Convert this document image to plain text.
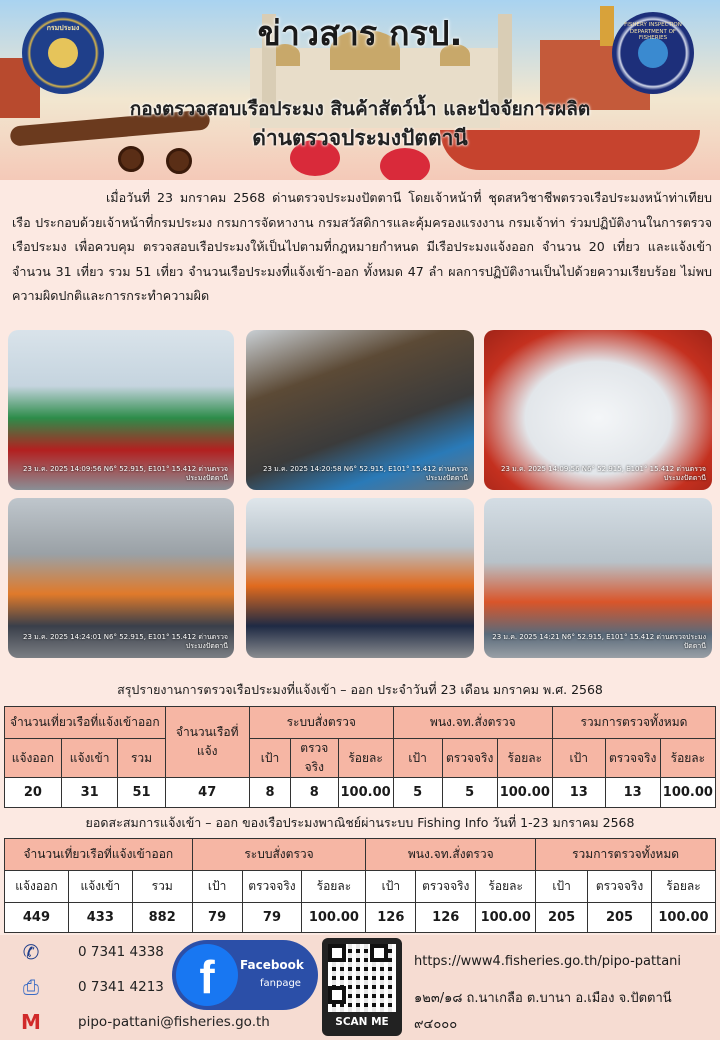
กรมประมง	FISHERY INSPECTION DEPARTMENT OF FISHERIES
ข่าวสาร กรป.
กองตรวจสอบเรือประมง สินค้าสัตว์น้ำ และปัจจัยการผลิต
ด่านตรวจประมงปัตตานี
เมื่อวันที่ 23 มกราคม 2568 ด่านตรวจประมงปัตตานี โดยเจ้าหน้าที่ ชุดสหวิชาชีพตรวจเรือประมงหน้าท่าเทียบเรือ ประกอบด้วยเจ้าหน้าที่กรมประมง กรมการจัดหางาน กรมสวัสดิการและคุ้มครองแรงงาน กรมเจ้าท่า ร่วมปฏิบัติงานในการตรวจเรือประมง เพื่อควบคุม ตรวจสอบเรือประมงให้เป็นไปตามที่กฎหมายกำหนด มีเรือประมงแจ้งออก จำนวน 20 เที่ยว และแจ้งเข้าจำนวน 31 เที่ยว รวม 51 เที่ยว จำนวนเรือประมงที่แจ้งเข้า-ออก ทั้งหมด 47 ลำ ผลการปฏิบัติงานเป็นไปด้วยความเรียบร้อย ไม่พบความผิดปกติและการกระทำความผิด
23 ม.ค. 2025 14:09:56 N6° 52.915, E101° 15.412 ด่านตรวจประมงปัตตานี
23 ม.ค. 2025 14:20:58 N6° 52.915, E101° 15.412 ด่านตรวจประมงปัตตานี
23 ม.ค. 2025 14:09:56 N6° 52.915, E101° 15.412 ด่านตรวจประมงปัตตานี
23 ม.ค. 2025 14:24:01 N6° 52.915, E101° 15.412 ด่านตรวจประมงปัตตานี
23 ม.ค. 2025 14:21 N6° 52.915, E101° 15.412 ด่านตรวจประมงปัตตานี
สรุปรายงานการตรวจเรือประมงที่แจ้งเข้า – ออก ประจำวันที่ 23 เดือน มกราคม พ.ศ. 2568
จำนวนเที่ยวเรือที่แจ้งเข้าออก			จำนวนเรือที่แจ้ง	ระบบสั่งตรวจ			พนง.จท.สั่งตรวจ			รวมการตรวจทั้งหมด		
แจ้งออก	แจ้งเข้า	รวม		เป้า	ตรวจจริง	ร้อยละ	เป้า	ตรวจจริง	ร้อยละ	เป้า	ตรวจจริง	ร้อยละ
20	31	51	47	8	8	100.00	5	5	100.00	13	13	100.00
ยอดสะสมการแจ้งเข้า – ออก ของเรือประมงพาณิชย์ผ่านระบบ Fishing Info วันที่ 1-23 มกราคม 2568
จำนวนเที่ยวเรือที่แจ้งเข้าออก			ระบบสั่งตรวจ			พนง.จท.สั่งตรวจ			รวมการตรวจทั้งหมด		
แจ้งออก	แจ้งเข้า	รวม	เป้า	ตรวจจริง	ร้อยละ	เป้า	ตรวจจริง	ร้อยละ	เป้า	ตรวจจริง	ร้อยละ
449	433	882	79	79	100.00	126	126	100.00	205	205	100.00
✆	0 7341 4338
⎙	0 7341 4213
M	pipo-pattani@fisheries.go.th
f	Facebook
fanpage
SCAN ME
https://www4.fisheries.go.th/pipo-pattani
๑๒๓/๑๘ ถ.นาเกลือ ต.บานา อ.เมือง จ.ปัตตานี ๙๔๐๐๐
